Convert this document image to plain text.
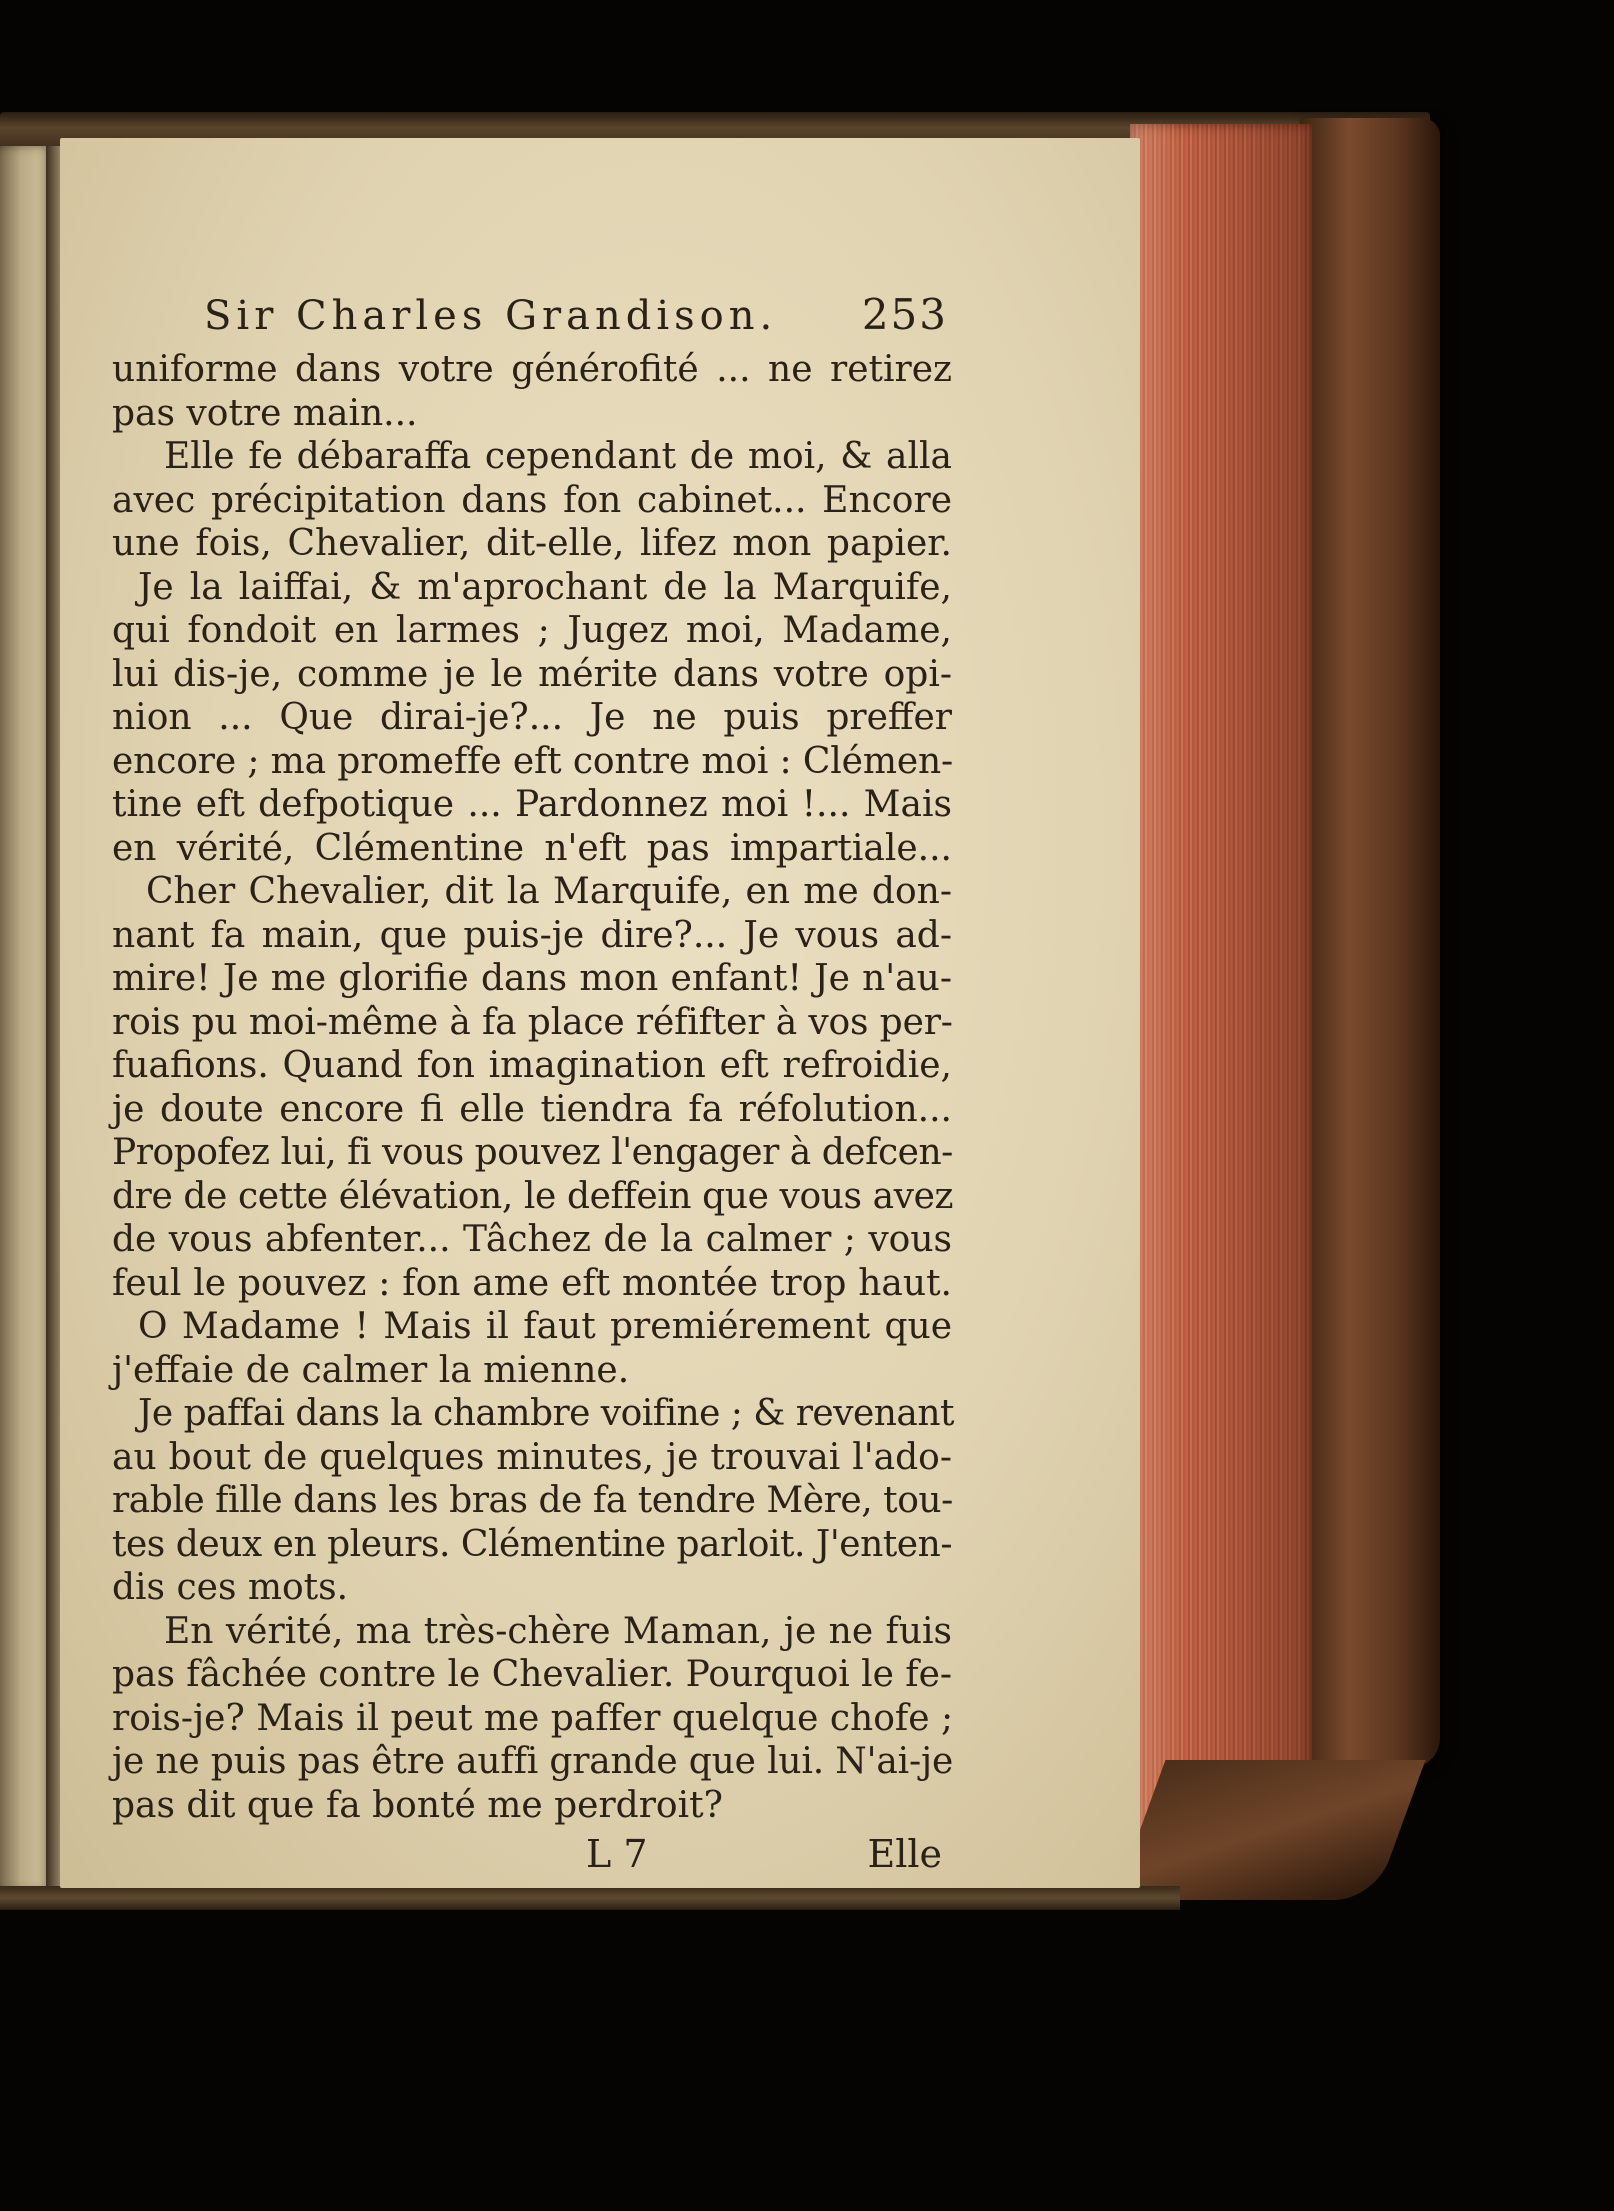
Sir Charles Grandison. 253
uniforme dans votre générofité ... ne retirez
pas votre main...
Elle fe débaraffa cependant de moi, & alla
avec précipitation dans fon cabinet... Encore
une fois, Chevalier, dit-elle, lifez mon papier.
Je la laiffai, & m'aprochant de la Marquife,
qui fondoit en larmes ; Jugez moi, Madame,
lui dis-je, comme je le mérite dans votre opi-
nion ... Que dirai-je?... Je ne puis preffer
encore ; ma promeffe eft contre moi : Clémen-
tine eft defpotique ... Pardonnez moi !... Mais
en vérité, Clémentine n'eft pas impartiale...
Cher Chevalier, dit la Marquife, en me don-
nant fa main, que puis-je dire?... Je vous ad-
mire! Je me glorifie dans mon enfant! Je n'au-
rois pu moi-même à fa place réfifter à vos per-
fuafions. Quand fon imagination eft refroidie,
je doute encore fi elle tiendra fa réfolution...
Propofez lui, fi vous pouvez l'engager à defcen-
dre de cette élévation, le deffein que vous avez
de vous abfenter... Tâchez de la calmer ; vous
feul le pouvez : fon ame eft montée trop haut.
O Madame ! Mais il faut premiérement que
j'effaie de calmer la mienne.
Je paffai dans la chambre voifine ; & revenant
au bout de quelques minutes, je trouvai l'ado-
rable fille dans les bras de fa tendre Mère, tou-
tes deux en pleurs. Clémentine parloit. J'enten-
dis ces mots.
En vérité, ma très-chère Maman, je ne fuis
pas fâchée contre le Chevalier. Pourquoi le fe-
rois-je? Mais il peut me paffer quelque chofe ;
je ne puis pas être auffi grande que lui. N'ai-je
pas dit que fa bonté me perdroit?
L 7	Elle
